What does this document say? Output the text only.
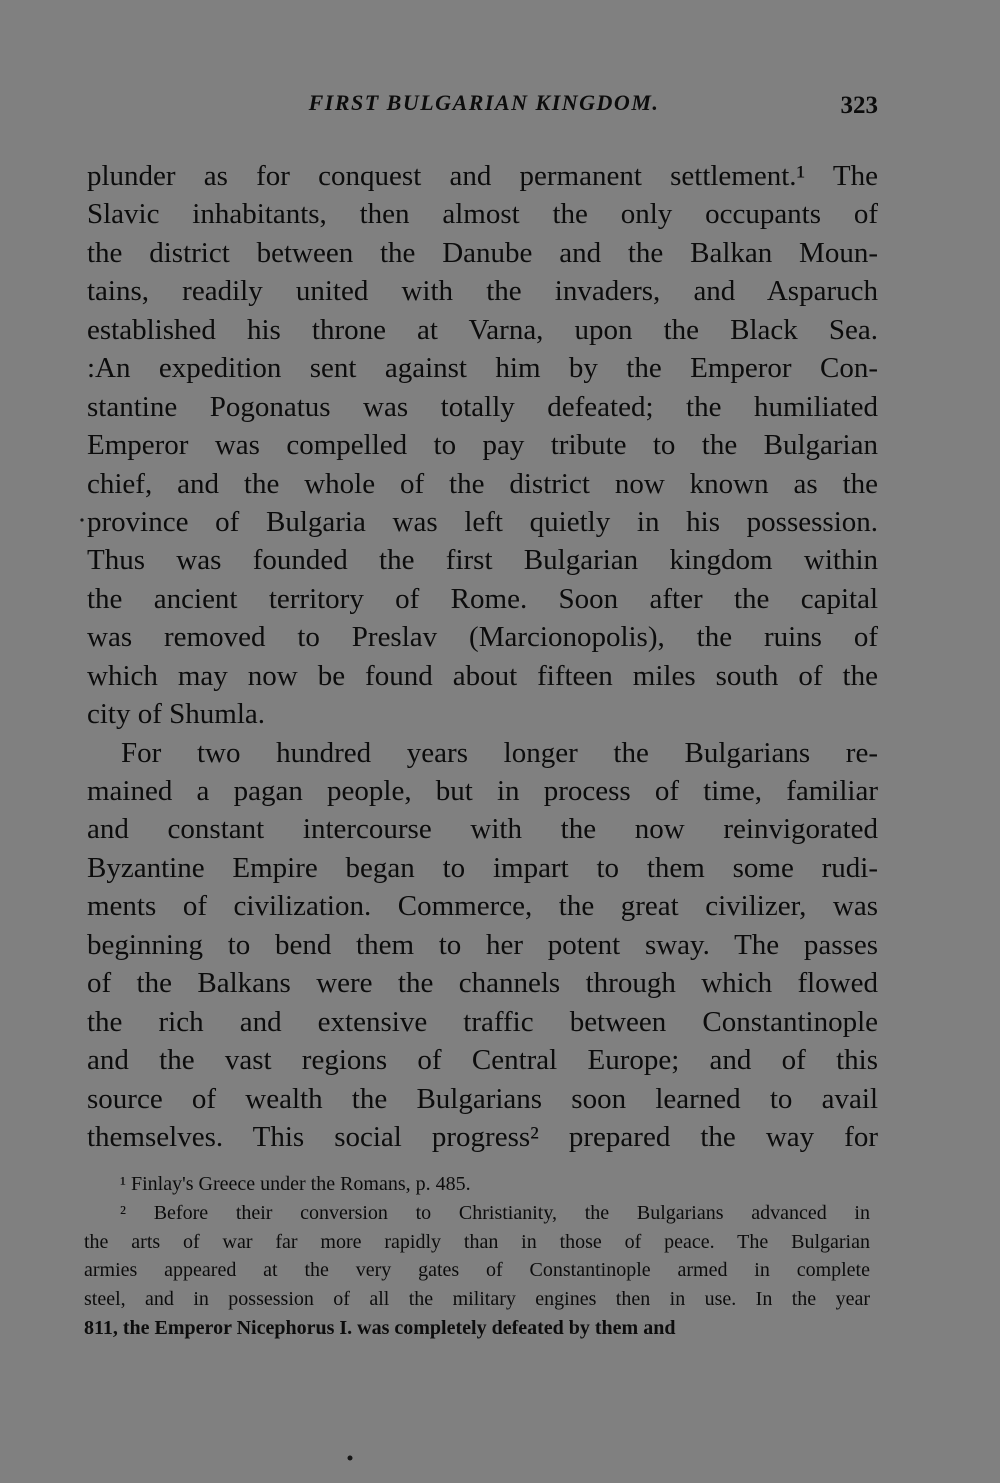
FIRST BULGARIAN KINGDOM.	323
plunder as for conquest and permanent settlement.¹ The
Slavic inhabitants, then almost the only occupants of
the district between the Danube and the Balkan Moun-
tains, readily united with the invaders, and Asparuch
established his throne at Varna, upon the Black Sea.
:An expedition sent against him by the Emperor Con-
stantine Pogonatus was totally defeated; the humiliated
Emperor was compelled to pay tribute to the Bulgarian
chief, and the whole of the district now known as the
province of Bulgaria was left quietly in his possession.
Thus was founded the first Bulgarian kingdom within
the ancient territory of Rome. Soon after the capital
was removed to Preslav (Marcionopolis), the ruins of
which may now be found about fifteen miles south of the
city of Shumla.
For two hundred years longer the Bulgarians re-
mained a pagan people, but in process of time, familiar
and constant intercourse with the now reinvigorated
Byzantine Empire began to impart to them some rudi-
ments of civilization. Commerce, the great civilizer, was
beginning to bend them to her potent sway. The passes
of the Balkans were the channels through which flowed
the rich and extensive traffic between Constantinople
and the vast regions of Central Europe; and of this
source of wealth the Bulgarians soon learned to avail
themselves. This social progress² prepared the way for
¹ Finlay's Greece under the Romans, p. 485.
² Before their conversion to Christianity, the Bulgarians advanced in
the arts of war far more rapidly than in those of peace. The Bulgarian
armies appeared at the very gates of Constantinople armed in complete
steel, and in possession of all the military engines then in use. In the year
811, the Emperor Nicephorus I. was completely defeated by them and
